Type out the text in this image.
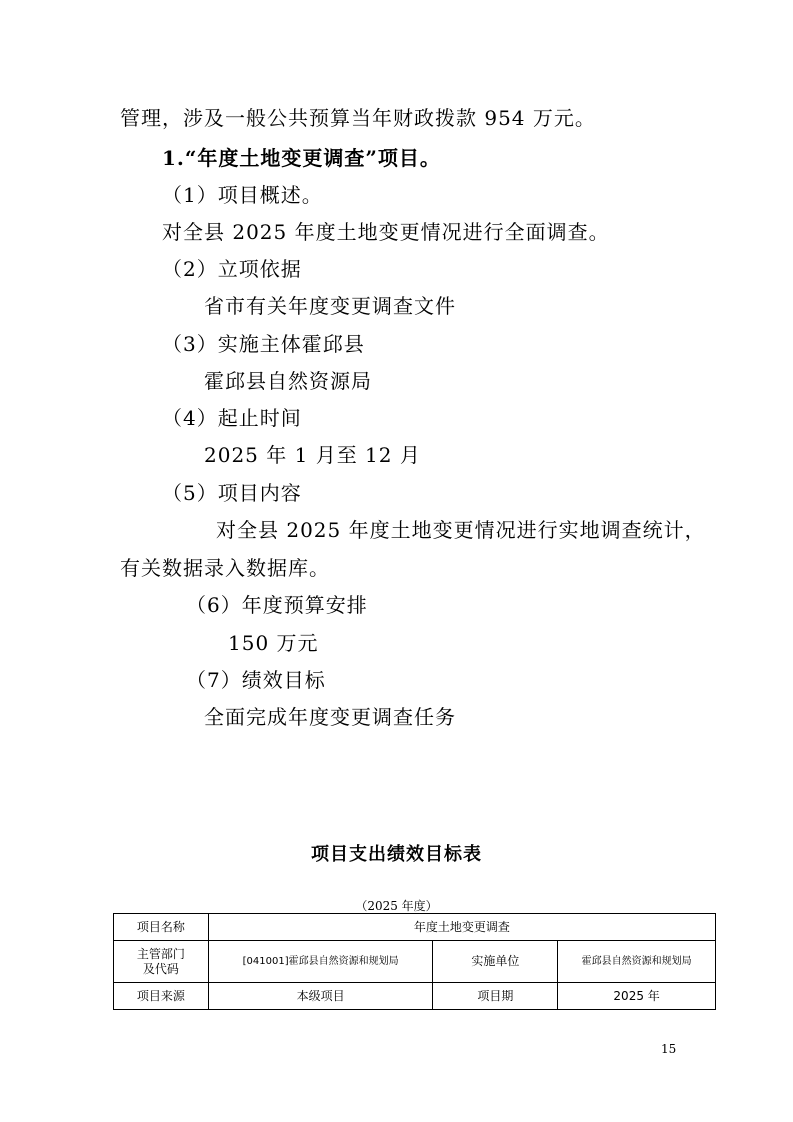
管理，涉及一般公共预算当年财政拨款 954 万元。
1.“年度土地变更调查”项目。
（1）项目概述。
对全县 2025 年度土地变更情况进行全面调查。
（2）立项依据
省市有关年度变更调查文件
（3）实施主体霍邱县
霍邱县自然资源局
（4）起止时间
2025 年 1 月至 12 月
（5）项目内容
对全县 2025 年度土地变更情况进行实地调查统计，
有关数据录入数据库。
（6）年度预算安排
150 万元
（7）绩效目标
全面完成年度变更调查任务
项目支出绩效目标表
（2025 年度）
项目名称	年度土地变更调查		

主管部门
及代码	[041001]霍邱县自然资源和规划局	实施单位	霍邱县自然资源和规划局
项目来源	本级项目	项目期	2025 年
15
